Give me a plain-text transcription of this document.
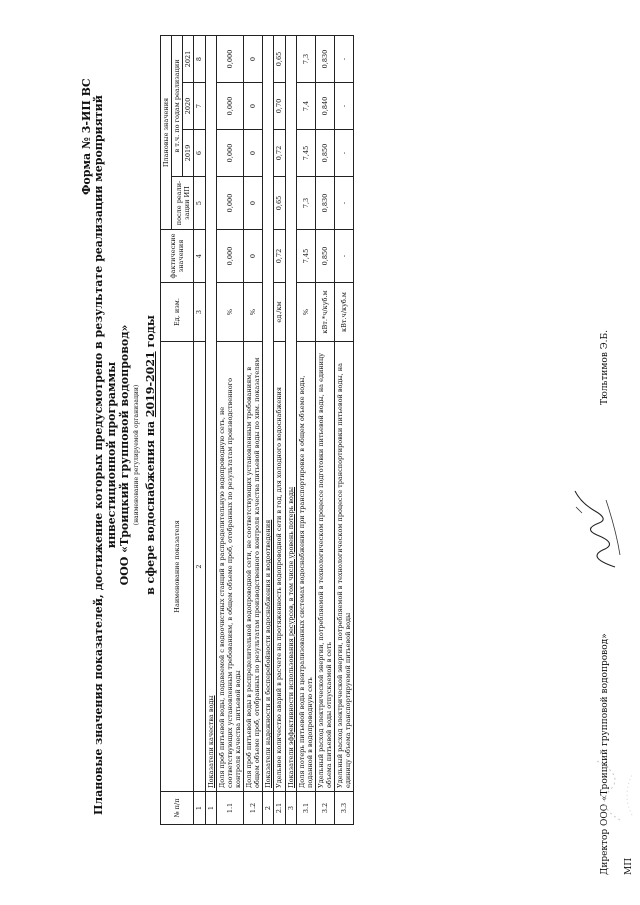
Форма № 3-ИП ВС Плановые значения показателей, достижение которых предусмотрено в результате реализации мероприятий инвестиционной программы ООО «Троицкий групповой водопровод» (наименование регулируемой организации) в сфере водоснабжения на 2019-2021 годы
№ п/п	Наименование показателя	Ед. изм.	фактические значения	Плановые значения			
				после реали-зации ИП	в т.ч. по годам реализации		
					2019	2020	2021
1	2	3	4	5	6	7	8
1	Показатели качества воды						
1.1	Доля проб питьевой воды, подаваемой с водоочистных станций в распределительную водопроводную сеть, не соответствующих установленным требованиям, в общем объеме проб, отобранных по результатам производственного контроля качества питьевой воды	%	0,000	0,000	0,000	0,000	0,000
1.2	Доля проб питьевой воды в распределительной водопроводной сети, не соответствующих установленным требованиям, в общем объеме проб, отобранных по результатам производственного контроля качества питьевой воды по хим. показателям	%	0	0	0	0	0
2	Показатели надежности и бесперебойности водоснабжения и водоотведения						
2.1	Удельное количество аварий в расчете на протяженность водопроводной сети в год, для холодного водоснабжения	ед./км	0,72	0,65	0,72	0,70	0,65
3	Показатели эффективности использования ресурсов, в том числе уровень потерь воды						
3.1	Доля потерь питьевой воды в централизованных системах водоснабжения при транспортировке в общем объеме воды, поданной в водопроводную сеть	%	7,45	7,3	7,45	7,4	7,3
3.2	Удельный расход электрической энергии, потребляемой в технологическом процессе подготовки питьевой воды, на единицу объема питьевой воды отпускаемой в сеть	кВт.*ч/куб.м	0,850	0,830	0,850	0,840	0,830
3.3	Удельный расход электрической энергии, потребляемой в технологическом процессе транспортировки питьевой воды, на единицу объема транспортируемой питьевой воды	кВт.ч/куб.м	-	-	-	-	-
Директор ООО «Троицкий групповой водопровод» МП
Тюльтимов Э.Б.
